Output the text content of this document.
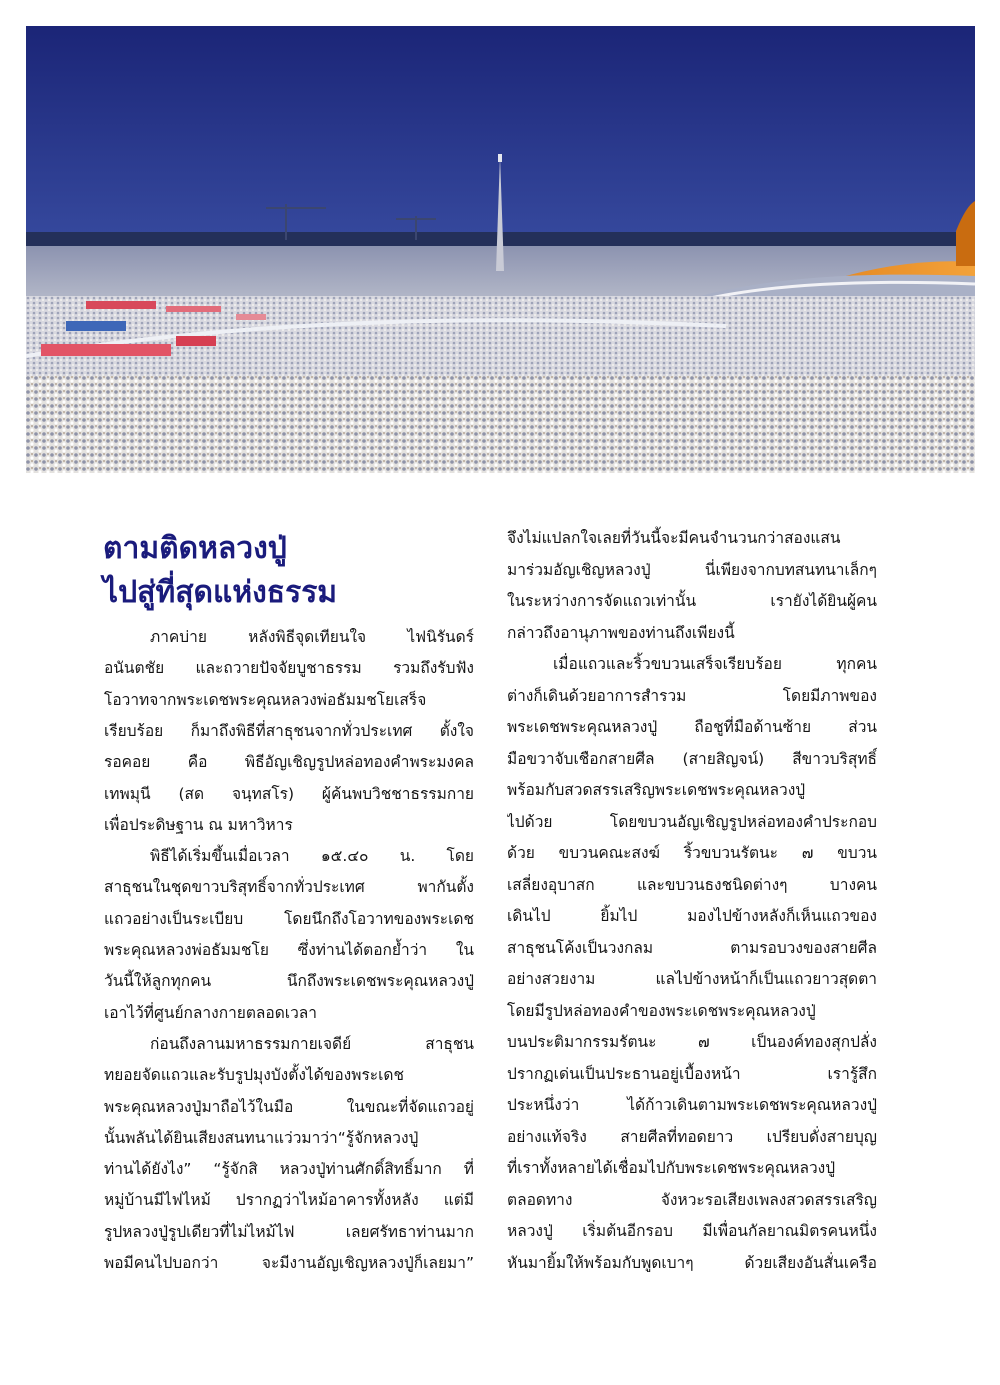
ตามติดหลวงปู่
ไปสู่ที่สุดแห่งธรรม
ภาคบ่าย หลังพิธีจุดเทียนใจ ไฟนิรันดร์
อนันตชัย และถวายปัจจัยบูชาธรรม รวมถึงรับฟัง
โอวาทจากพระเดชพระคุณหลวงพ่อธัมมชโยเสร็จ
เรียบร้อย ก็มาถึงพิธีที่สาธุชนจากทั่วประเทศ ตั้งใจ
รอคอย คือ พิธีอัญเชิญรูปหล่อทองคำพระมงคล
เทพมุนี (สด จนฺทสโร) ผู้ค้นพบวิชชาธรรมกาย
เพื่อประดิษฐาน ณ มหาวิหาร
พิธีได้เริ่มขึ้นเมื่อเวลา ๑๕.๔๐ น. โดย
สาธุชนในชุดขาวบริสุทธิ์จากทั่วประเทศ พากันตั้ง
แถวอย่างเป็นระเบียบ โดยนึกถึงโอวาทของพระเดช
พระคุณหลวงพ่อธัมมชโย ซึ่งท่านได้ตอกย้ำว่า ใน
วันนี้ให้ลูกทุกคน นึกถึงพระเดชพระคุณหลวงปู่
เอาไว้ที่ศูนย์กลางกายตลอดเวลา
ก่อนถึงลานมหาธรรมกายเจดีย์ สาธุชน
ทยอยจัดแถวและรับรูปมุงบังตั้งได้ของพระเดช
พระคุณหลวงปู่มาถือไว้ในมือ ในขณะที่จัดแถวอยู่
นั้นพลันได้ยินเสียงสนทนาแว่วมาว่า“รู้จักหลวงปู่
ท่านได้ยังไง” “รู้จักสิ หลวงปู่ท่านศักดิ์สิทธิ์มาก ที่
หมู่บ้านมีไฟไหม้ ปรากฏว่าไหม้อาคารทั้งหลัง แต่มี
รูปหลวงปู่รูปเดียวที่ไม่ไหม้ไฟ เลยศรัทธาท่านมาก
พอมีคนไปบอกว่า จะมีงานอัญเชิญหลวงปู่ก็เลยมา”
จึงไม่แปลกใจเลยที่วันนี้จะมีคนจำนวนกว่าสองแสน
มาร่วมอัญเชิญหลวงปู่ นี่เพียงจากบทสนทนาเล็กๆ
ในระหว่างการจัดแถวเท่านั้น เรายังได้ยินผู้คน
กล่าวถึงอานุภาพของท่านถึงเพียงนี้
เมื่อแถวและริ้วขบวนเสร็จเรียบร้อย ทุกคน
ต่างก็เดินด้วยอาการสำรวม โดยมีภาพของ
พระเดชพระคุณหลวงปู่ ถือชูที่มือด้านซ้าย ส่วน
มือขวาจับเชือกสายศีล (สายสิญจน์) สีขาวบริสุทธิ์
พร้อมกับสวดสรรเสริญพระเดชพระคุณหลวงปู่
ไปด้วย โดยขบวนอัญเชิญรูปหล่อทองคำประกอบ
ด้วย ขบวนคณะสงฆ์ ริ้วขบวนรัตนะ ๗ ขบวน
เสลี่ยงอุบาสก และขบวนธงชนิดต่างๆ บางคน
เดินไป ยิ้มไป มองไปข้างหลังก็เห็นแถวของ
สาธุชนโค้งเป็นวงกลม ตามรอบวงของสายศีล
อย่างสวยงาม แลไปข้างหน้าก็เป็นแถวยาวสุดตา
โดยมีรูปหล่อทองคำของพระเดชพระคุณหลวงปู่
บนประติมากรรมรัตนะ ๗ เป็นองค์ทองสุกปลั่ง
ปรากฏเด่นเป็นประธานอยู่เบื้องหน้า เรารู้สึก
ประหนึ่งว่า ได้ก้าวเดินตามพระเดชพระคุณหลวงปู่
อย่างแท้จริง สายศีลที่ทอดยาว เปรียบดั่งสายบุญ
ที่เราทั้งหลายได้เชื่อมไปกับพระเดชพระคุณหลวงปู่
ตลอดทาง จังหวะรอเสียงเพลงสวดสรรเสริญ
หลวงปู่ เริ่มต้นอีกรอบ มีเพื่อนกัลยาณมิตรคนหนึ่ง
หันมายิ้มให้พร้อมกับพูดเบาๆ ด้วยเสียงอันสั่นเครือ
